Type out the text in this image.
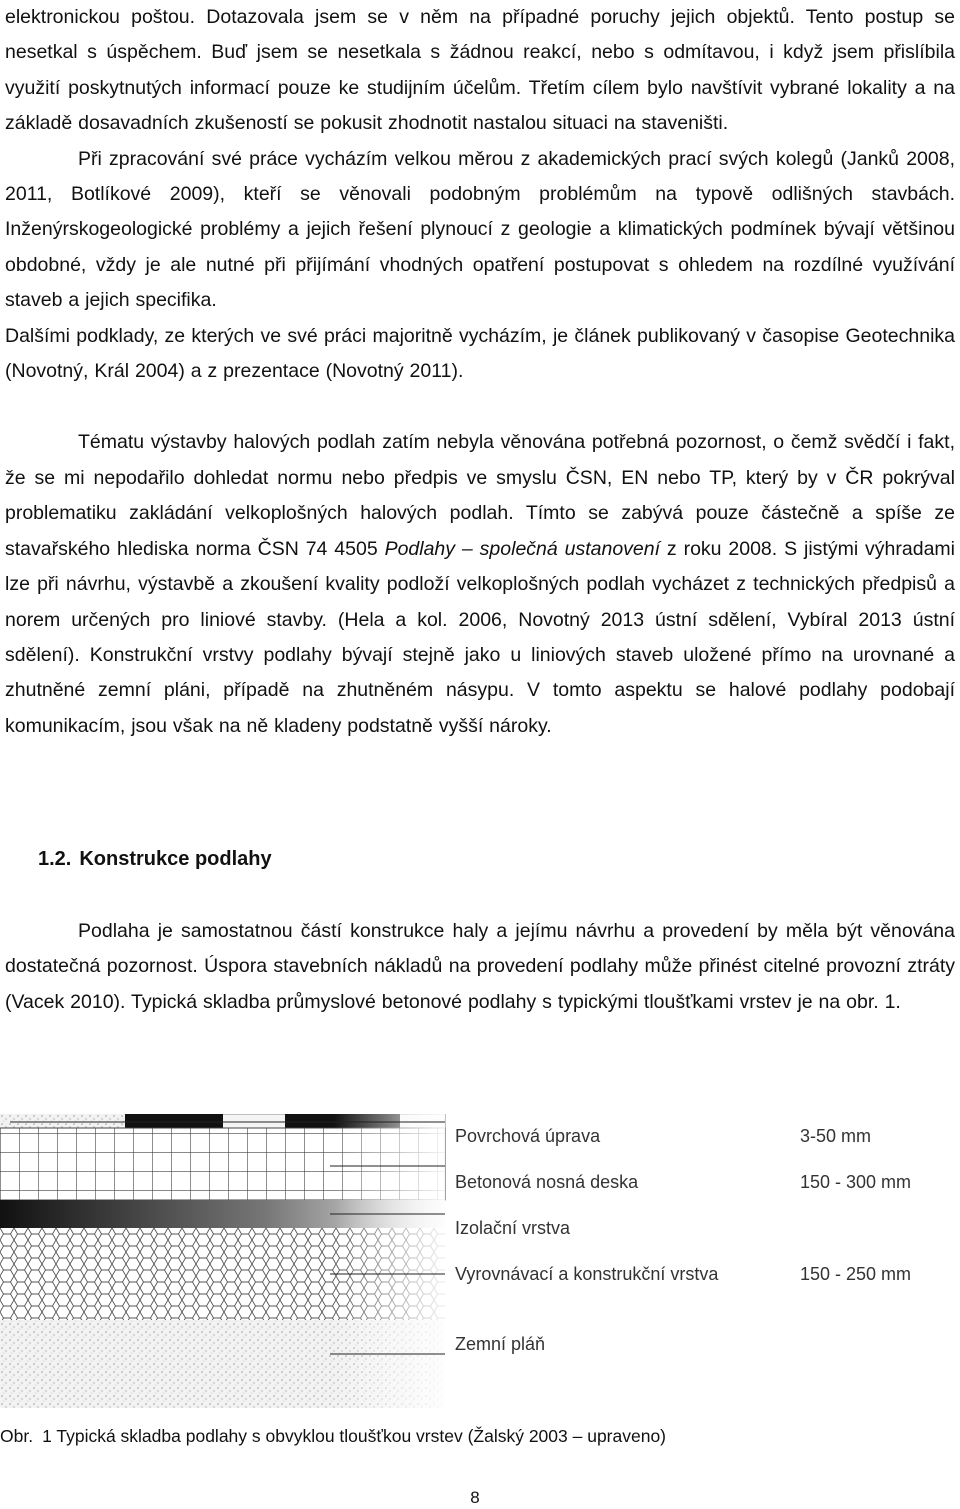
elektronickou poštou. Dotazovala jsem se v něm na případné poruchy jejich objektů. Tento postup se nesetkal s úspěchem. Buď jsem se nesetkala s žádnou reakcí, nebo s odmítavou, i když jsem přislíbila využití poskytnutých informací pouze ke studijním účelům. Třetím cílem bylo navštívit vybrané lokality a na základě dosavadních zkušeností se pokusit zhodnotit nastalou situaci na staveništi.

Při zpracování své práce vycházím velkou měrou z akademických prací svých kolegů (Janků 2008, 2011, Botlíkové 2009), kteří se věnovali podobným problémům na typově odlišných stavbách. Inženýrskogeologické problémy a jejich řešení plynoucí z geologie a klimatických podmínek bývají většinou obdobné, vždy je ale nutné při přijímání vhodných opatření postupovat s ohledem na rozdílné využívání staveb a jejich specifika.

Dalšími podklady, ze kterých ve své práci majoritně vycházím, je článek publikovaný v časopise Geotechnika (Novotný, Král 2004) a z prezentace (Novotný 2011).

Tématu výstavby halových podlah zatím nebyla věnována potřebná pozornost, o čemž svědčí i fakt, že se mi nepodařilo dohledat normu nebo předpis ve smyslu ČSN, EN nebo TP, který by v ČR pokrýval problematiku zakládání velkoplošných halových podlah. Tímto se zabývá pouze částečně a spíše ze stavařského hlediska norma ČSN 74 4505 Podlahy – společná ustanovení z roku 2008. S jistými výhradami lze při návrhu, výstavbě a zkoušení kvality podloží velkoplošných podlah vycházet z technických předpisů a norem určených pro liniové stavby. (Hela a kol. 2006, Novotný 2013 ústní sdělení, Vybíral 2013 ústní sdělení). Konstrukční vrstvy podlahy bývají stejně jako u liniových staveb uložené přímo na urovnané a zhutněné zemní pláni, případě na zhutněném násypu. V tomto aspektu se halové podlahy podobají komunikacím, jsou však na ně kladeny podstatně vyšší nároky.

1.2. Konstrukce podlahy

Podlaha je samostatnou částí konstrukce haly a jejímu návrhu a provedení by měla být věnována dostatečná pozornost. Úspora stavebních nákladů na provedení podlahy může přinést citelné provozní ztráty (Vacek 2010). Typická skladba průmyslové betonové podlahy s typickými tloušťkami vrstev je na obr. 1.

Povrchová úprava	3-50 mm
Betonová nosná deska	150 - 300 mm
Izolační vrstva
Vyrovnávací a konstrukční vrstva	150 - 250 mm
Zemní pláň
Obr. 1 Typická skladba podlahy s obvyklou tloušťkou vrstev (Žalský 2003 – upraveno)
8
